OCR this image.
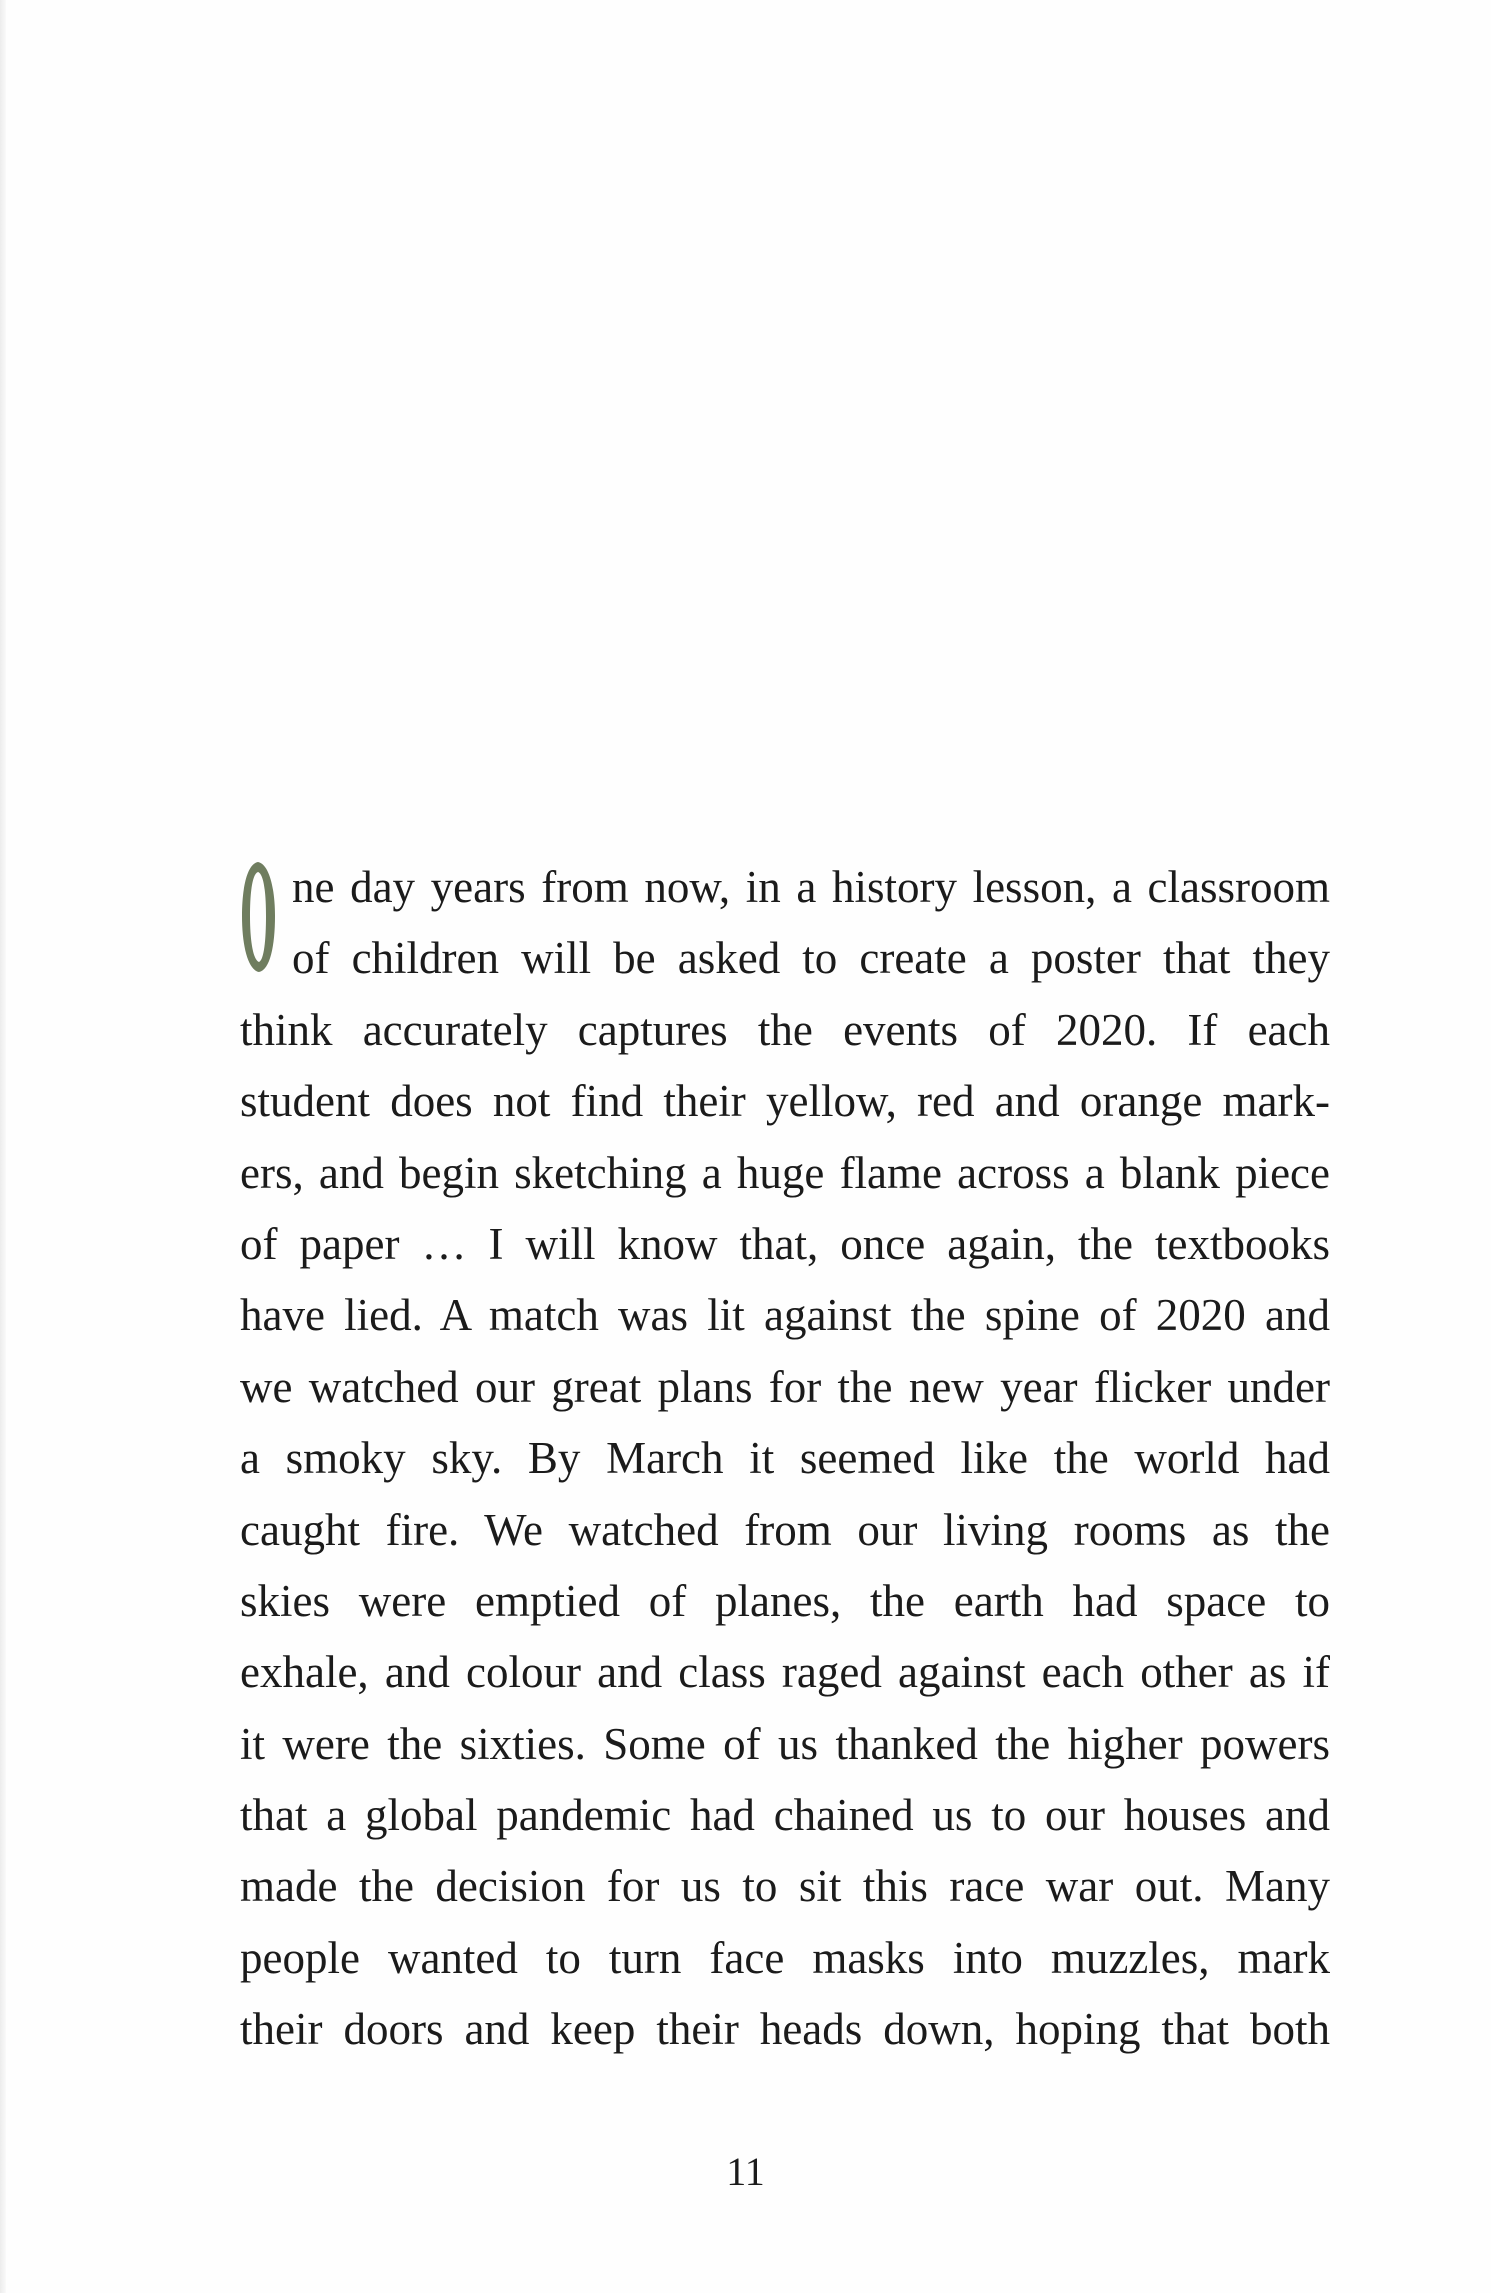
ne day years from now, in a history lesson, a classroom
of children will be asked to create a poster that they
think accurately captures the events of 2020. If each
student does not find their yellow, red and orange mark-
ers, and begin sketching a huge flame across a blank piece
of paper … I will know that, once again, the textbooks
have lied. A match was lit against the spine of 2020 and
we watched our great plans for the new year flicker under
a smoky sky. By March it seemed like the world had
caught fire. We watched from our living rooms as the
skies were emptied of planes, the earth had space to
exhale, and colour and class raged against each other as if
it were the sixties. Some of us thanked the higher powers
that a global pandemic had chained us to our houses and
made the decision for us to sit this race war out. Many
people wanted to turn face masks into muzzles, mark
their doors and keep their heads down, hoping that both
11
